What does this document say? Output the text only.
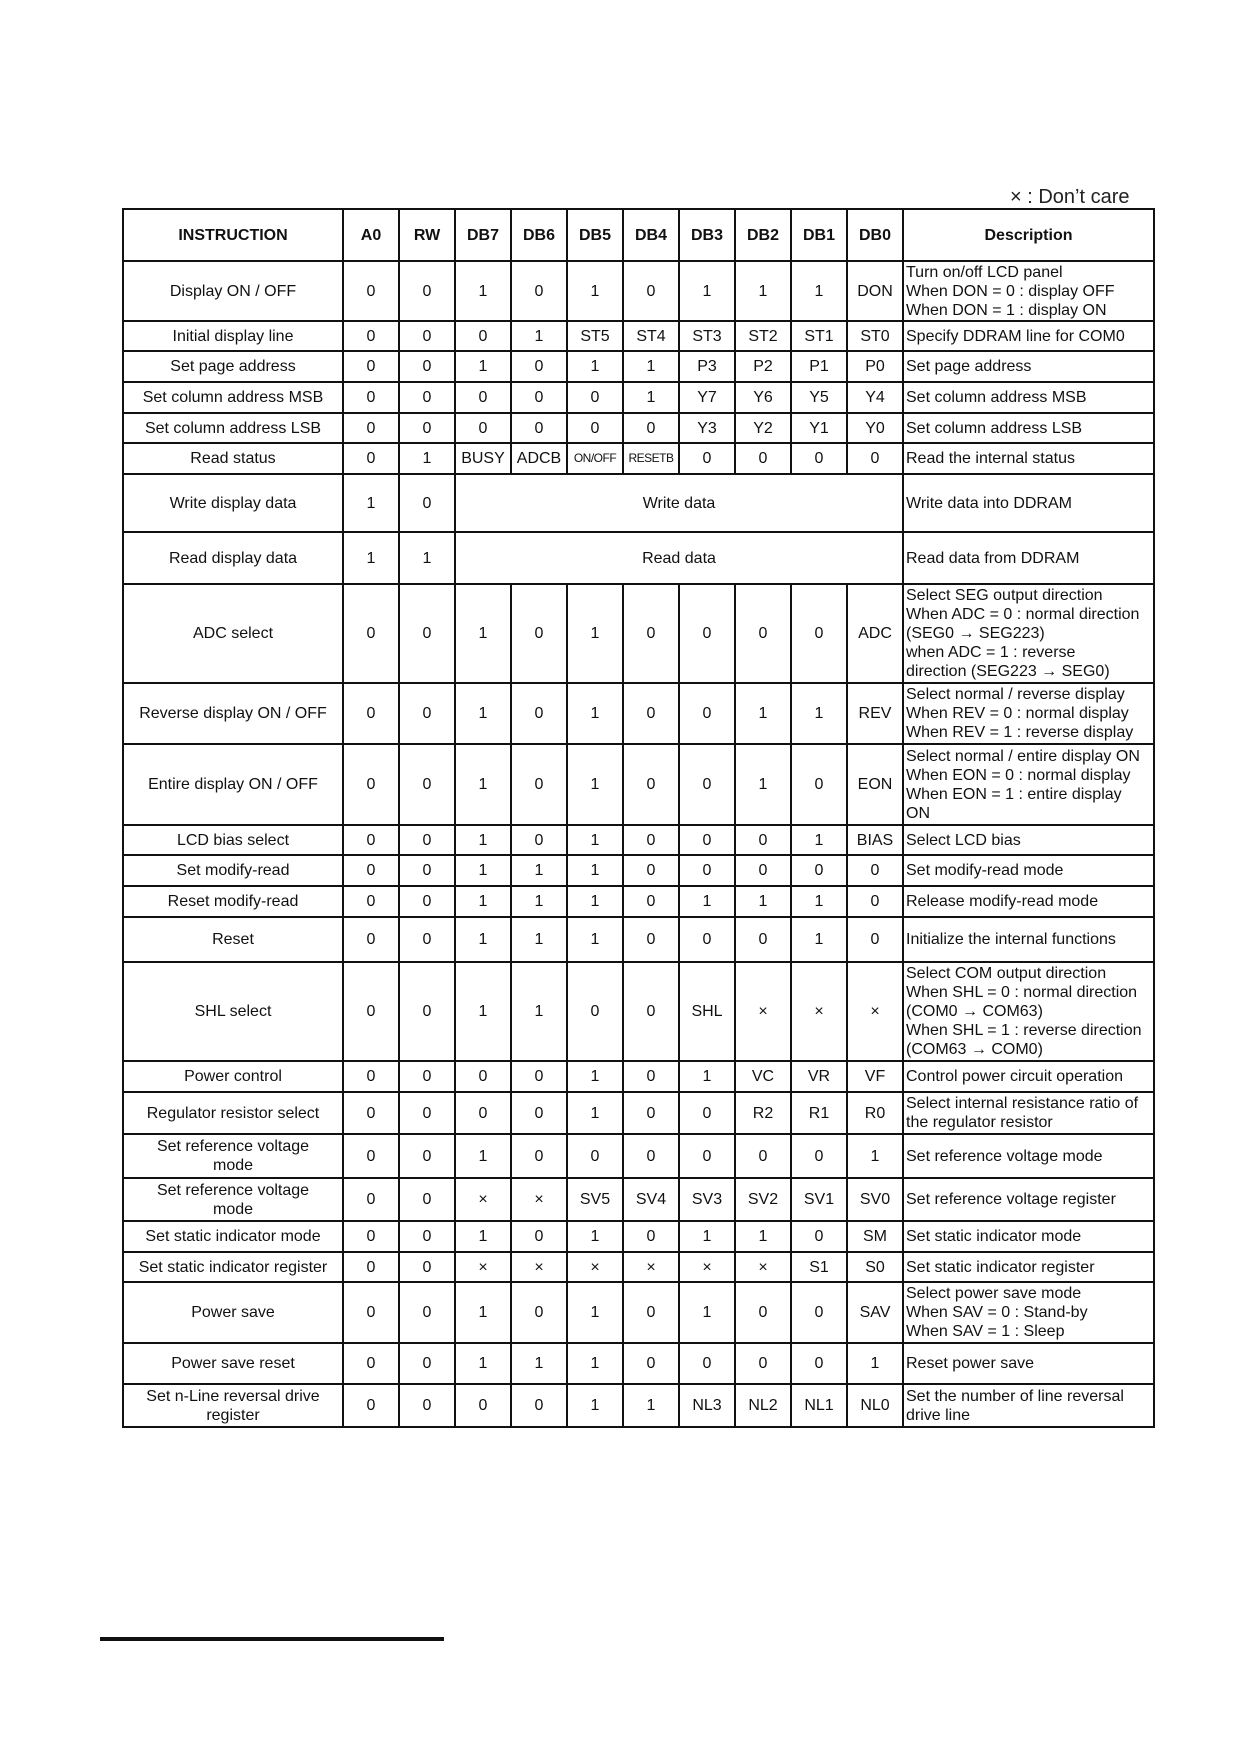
× : Don’t care
INSTRUCTION	A0	RW	DB7	DB6	DB5	DB4	DB3	DB2	DB1	DB0	Description
Display ON / OFF	0	0	1	0	1	0	1	1	1	DON	Turn on/off LCD panel
When DON = 0 : display OFF
When DON = 1 : display ON
Initial display line	0	0	0	1	ST5	ST4	ST3	ST2	ST1	ST0	Specify DDRAM line for COM0
Set page address	0	0	1	0	1	1	P3	P2	P1	P0	Set page address
Set column address MSB	0	0	0	0	0	1	Y7	Y6	Y5	Y4	Set column address MSB
Set column address LSB	0	0	0	0	0	0	Y3	Y2	Y1	Y0	Set column address LSB
Read status	0	1	BUSY	ADCB	ON/OFF	RESETB	0	0	0	0	Read the internal status
Write display data	1	0	Write data								Write data into DDRAM
Read display data	1	1	Read data								Read data from DDRAM
ADC select	0	0	1	0	1	0	0	0	0	ADC	Select SEG output direction
When ADC = 0 : normal direction
(SEG0 → SEG223)
when ADC = 1 : reverse
direction (SEG223 → SEG0)
Reverse display ON / OFF	0	0	1	0	1	0	0	1	1	REV	Select normal / reverse display
When REV = 0 : normal display
When REV = 1 : reverse display
Entire display ON / OFF	0	0	1	0	1	0	0	1	0	EON	Select normal / entire display ON
When EON = 0 : normal display
When EON = 1 : entire display
ON
LCD bias select	0	0	1	0	1	0	0	0	1	BIAS	Select LCD bias
Set modify-read	0	0	1	1	1	0	0	0	0	0	Set modify-read mode
Reset modify-read	0	0	1	1	1	0	1	1	1	0	Release modify-read mode
Reset	0	0	1	1	1	0	0	0	1	0	Initialize the internal functions
SHL select	0	0	1	1	0	0	SHL	×	×	×	Select COM output direction
When SHL = 0 : normal direction
(COM0 → COM63)
When SHL = 1 : reverse direction
(COM63 → COM0)
Power control	0	0	0	0	1	0	1	VC	VR	VF	Control power circuit operation
Regulator resistor select	0	0	0	0	1	0	0	R2	R1	R0	Select internal resistance ratio of
the regulator resistor
Set reference voltage
mode	0	0	1	0	0	0	0	0	0	1	Set reference voltage mode
Set reference voltage
mode	0	0	×	×	SV5	SV4	SV3	SV2	SV1	SV0	Set reference voltage register
Set static indicator mode	0	0	1	0	1	0	1	1	0	SM	Set static indicator mode
Set static indicator register	0	0	×	×	×	×	×	×	S1	S0	Set static indicator register
Power save	0	0	1	0	1	0	1	0	0	SAV	Select power save mode
When SAV = 0 : Stand-by
When SAV = 1 : Sleep
Power save reset	0	0	1	1	1	0	0	0	0	1	Reset power save
Set n-Line reversal drive
register	0	0	0	0	1	1	NL3	NL2	NL1	NL0	Set the number of line reversal
drive line
